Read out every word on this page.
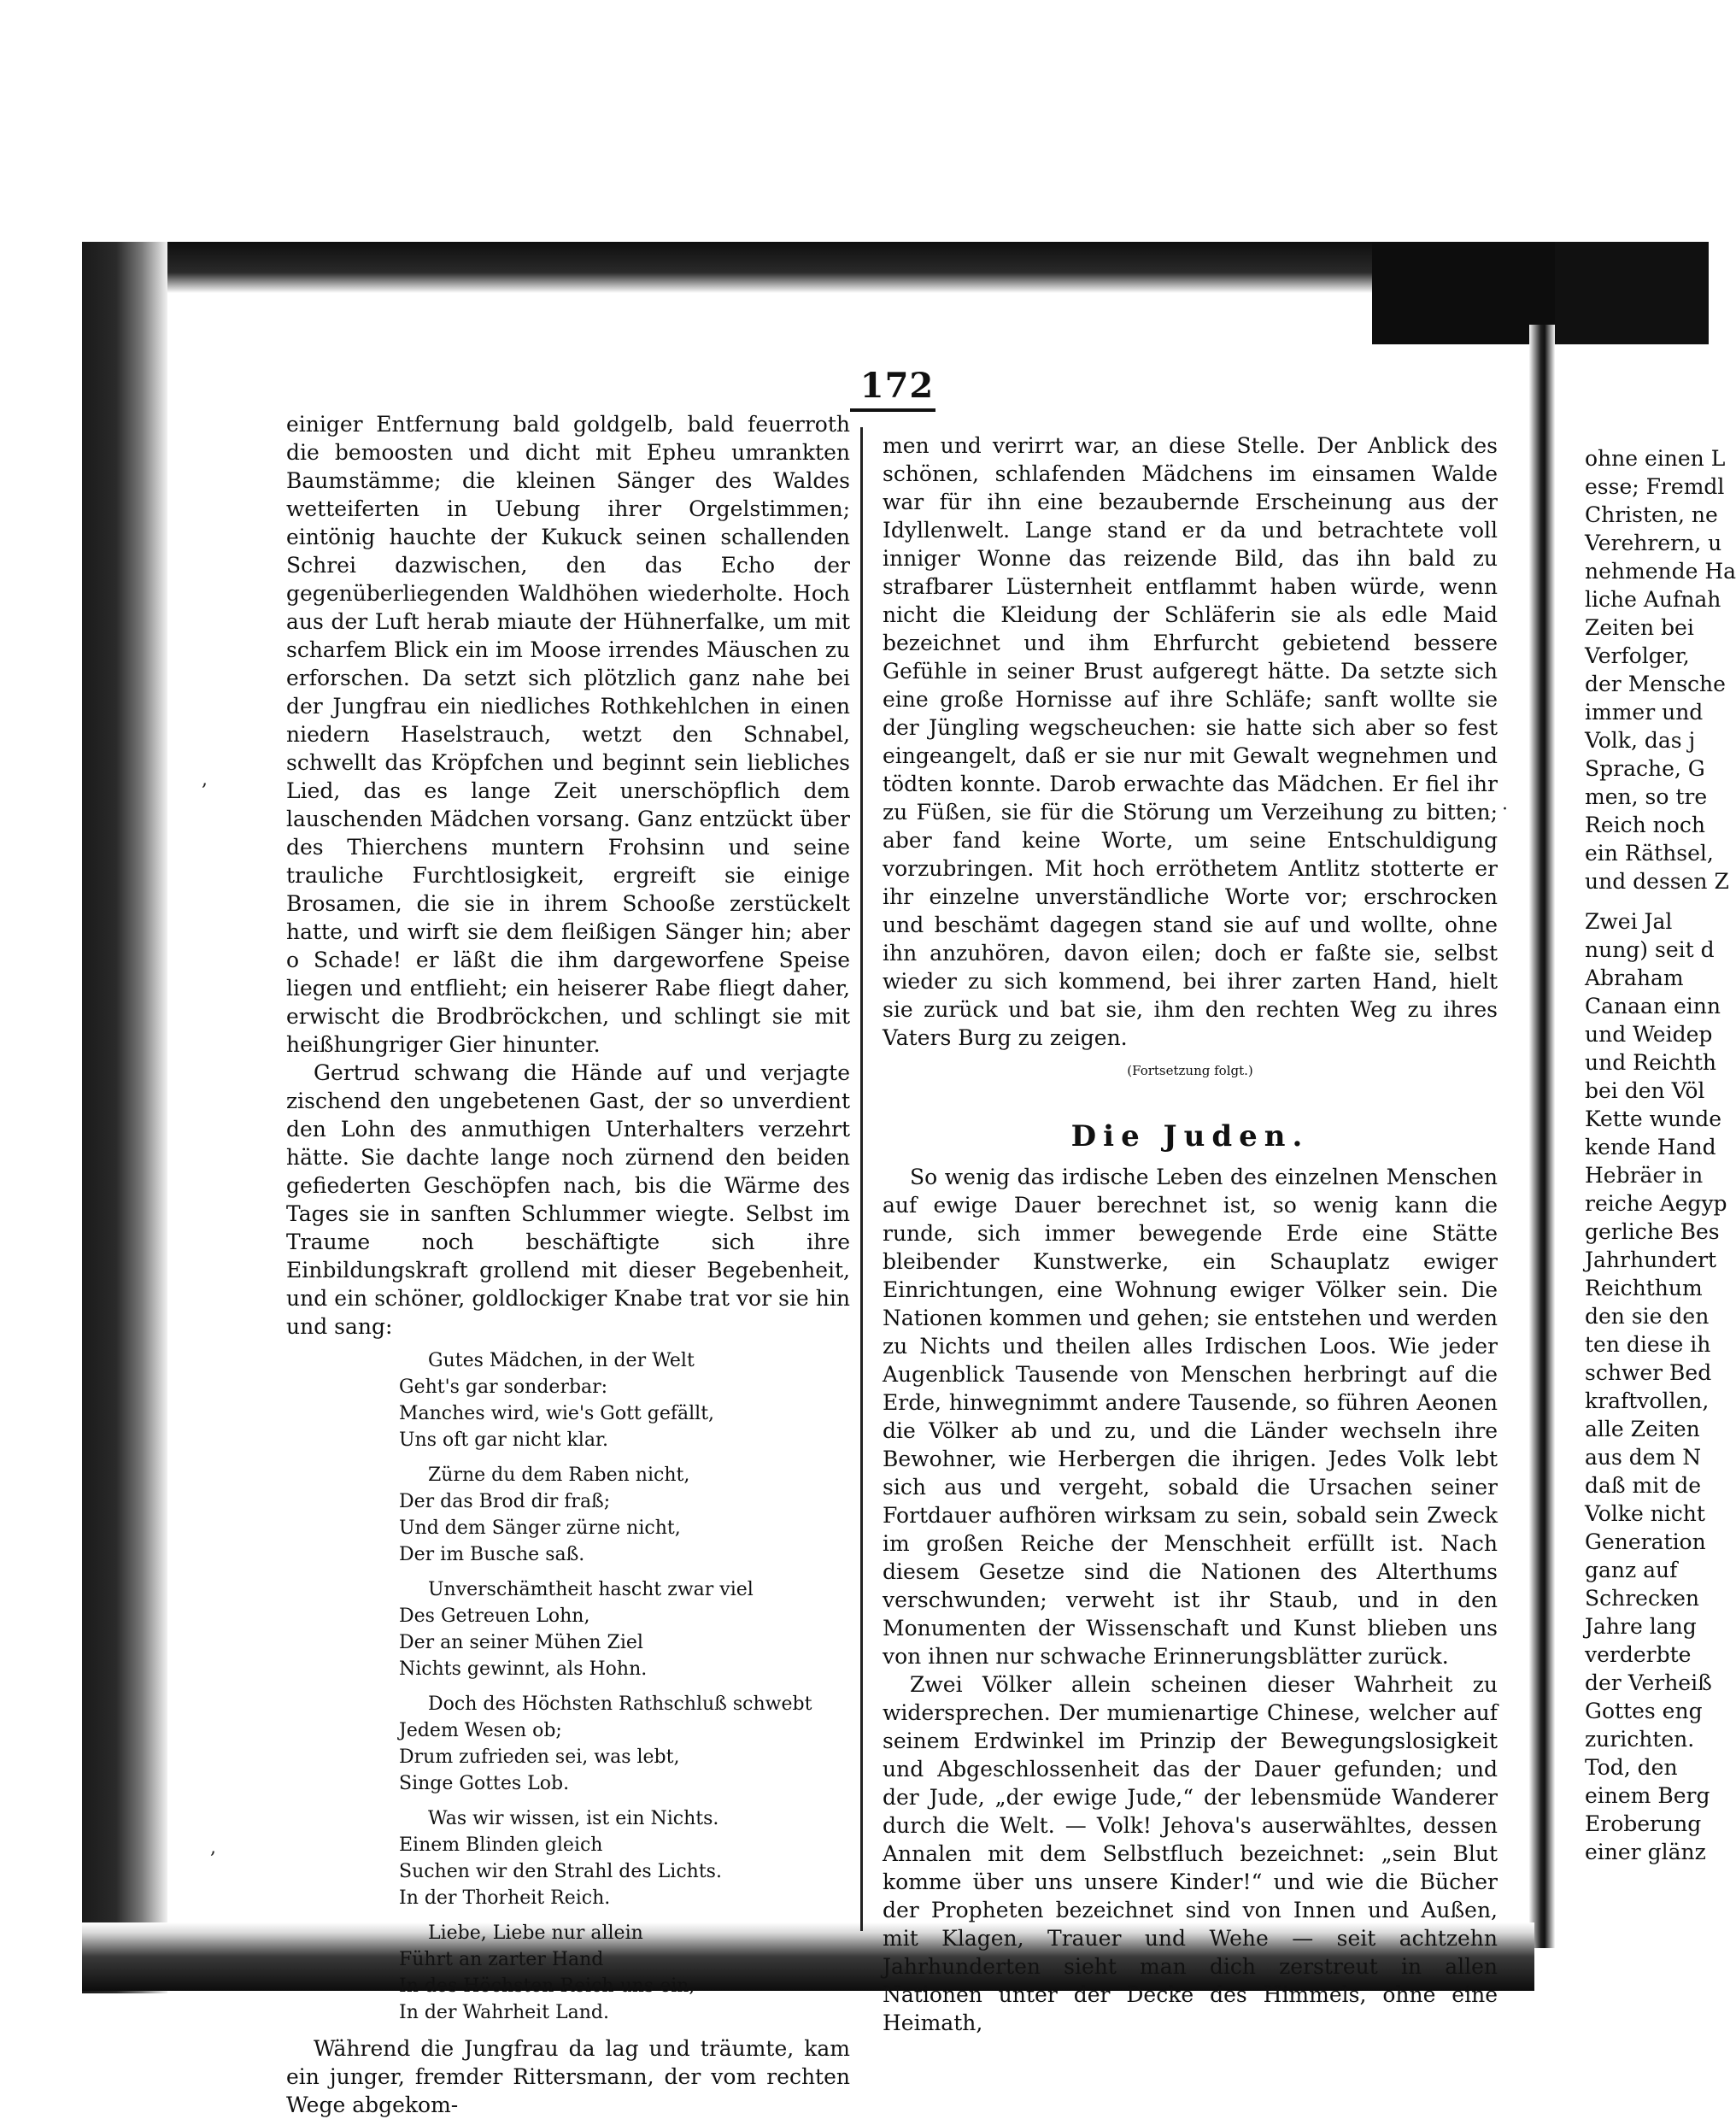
172

einiger Entfernung bald goldgelb, bald feuerroth die bemoosten und dicht mit Epheu umrankten Baumstämme; die kleinen Sänger des Waldes wetteiferten in Uebung ihrer Orgelstimmen; eintönig hauchte der Kukuck seinen schallenden Schrei dazwischen, den das Echo der gegenüberliegenden Waldhöhen wiederholte. Hoch aus der Luft herab miaute der Hühnerfalke, um mit scharfem Blick ein im Moose irrendes Mäuschen zu erforschen. Da setzt sich plötzlich ganz nahe bei der Jungfrau ein niedliches Rothkehlchen in einen niedern Haselstrauch, wetzt den Schnabel, schwellt das Kröpfchen und beginnt sein liebliches Lied, das es lange Zeit unerschöpflich dem lauschenden Mädchen vorsang. Ganz entzückt über des Thierchens muntern Frohsinn und seine trauliche Furchtlosigkeit, ergreift sie einige Brosamen, die sie in ihrem Schooße zerstückelt hatte, und wirft sie dem fleißigen Sänger hin; aber o Schade! er läßt die ihm dargeworfene Speise liegen und entflieht; ein heiserer Rabe fliegt daher, erwischt die Brodbröckchen, und schlingt sie mit heißhungriger Gier hinunter.

Gertrud schwang die Hände auf und verjagte zischend den ungebetenen Gast, der so unverdient den Lohn des anmuthigen Unterhalters verzehrt hätte. Sie dachte lange noch zürnend den beiden gefiederten Geschöpfen nach, bis die Wärme des Tages sie in sanften Schlummer wiegte. Selbst im Traume noch beschäftigte sich ihre Einbildungskraft grollend mit dieser Begebenheit, und ein schöner, goldlockiger Knabe trat vor sie hin und sang:

Gutes Mädchen, in der Welt
Geht's gar sonderbar:
Manches wird, wie's Gott gefällt,
Uns oft gar nicht klar.
Zürne du dem Raben nicht,
Der das Brod dir fraß;
Und dem Sänger zürne nicht,
Der im Busche saß.
Unverschämtheit hascht zwar viel
Des Getreuen Lohn,
Der an seiner Mühen Ziel
Nichts gewinnt, als Hohn.
Doch des Höchsten Rathschluß schwebt
Jedem Wesen ob;
Drum zufrieden sei, was lebt,
Singe Gottes Lob.
Was wir wissen, ist ein Nichts.
Einem Blinden gleich
Suchen wir den Strahl des Lichts.
In der Thorheit Reich.
Liebe, Liebe nur allein
Führt an zarter Hand
In des Höchsten Reich uns ein,
In der Wahrheit Land.

Während die Jungfrau da lag und träumte, kam ein junger, fremder Rittersmann, der vom rechten Wege abgekom-

men und verirrt war, an diese Stelle. Der Anblick des schönen, schlafenden Mädchens im einsamen Walde war für ihn eine bezaubernde Erscheinung aus der Idyllenwelt. Lange stand er da und betrachtete voll inniger Wonne das reizende Bild, das ihn bald zu strafbarer Lüsternheit entflammt haben würde, wenn nicht die Kleidung der Schläferin sie als edle Maid bezeichnet und ihm Ehrfurcht gebietend bessere Gefühle in seiner Brust aufgeregt hätte. Da setzte sich eine große Hornisse auf ihre Schläfe; sanft wollte sie der Jüngling wegscheuchen: sie hatte sich aber so fest eingeangelt, daß er sie nur mit Gewalt wegnehmen und tödten konnte. Darob erwachte das Mädchen. Er fiel ihr zu Füßen, sie für die Störung um Verzeihung zu bitten; aber fand keine Worte, um seine Entschuldigung vorzubringen. Mit hoch erröthetem Antlitz stotterte er ihr einzelne unverständliche Worte vor; erschrocken und beschämt dagegen stand sie auf und wollte, ohne ihn anzuhören, davon eilen; doch er faßte sie, selbst wieder zu sich kommend, bei ihrer zarten Hand, hielt sie zurück und bat sie, ihm den rechten Weg zu ihres Vaters Burg zu zeigen.

(Fortsetzung folgt.)
Die Juden.

So wenig das irdische Leben des einzelnen Menschen auf ewige Dauer berechnet ist, so wenig kann die runde, sich immer bewegende Erde eine Stätte bleibender Kunstwerke, ein Schauplatz ewiger Einrichtungen, eine Wohnung ewiger Völker sein. Die Nationen kommen und gehen; sie entstehen und werden zu Nichts und theilen alles Irdischen Loos. Wie jeder Augenblick Tausende von Menschen herbringt auf die Erde, hinwegnimmt andere Tausende, so führen Aeonen die Völker ab und zu, und die Länder wechseln ihre Bewohner, wie Herbergen die ihrigen. Jedes Volk lebt sich aus und vergeht, sobald die Ursachen seiner Fortdauer aufhören wirksam zu sein, sobald sein Zweck im großen Reiche der Menschheit erfüllt ist. Nach diesem Gesetze sind die Nationen des Alterthums verschwunden; verweht ist ihr Staub, und in den Monumenten der Wissenschaft und Kunst blieben uns von ihnen nur schwache Erinnerungsblätter zurück.

Zwei Völker allein scheinen dieser Wahrheit zu widersprechen. Der mumienartige Chinese, welcher auf seinem Erdwinkel im Prinzip der Bewegungslosigkeit und Abgeschlossenheit das der Dauer gefunden; und der Jude, „der ewige Jude,“ der lebensmüde Wanderer durch die Welt. — Volk! Jehova's auserwähltes, dessen Annalen mit dem Selbstfluch bezeichnet: „sein Blut komme über uns unsere Kinder!“ und wie die Bücher der Propheten bezeichnet sind von Innen und Außen, mit Klagen, Trauer und Wehe — seit achtzehn Jahrhunderten sieht man dich zerstreut in allen Nationen unter der Decke des Himmels, ohne eine Heimath,

ohne einen L
esse; Fremdl
Christen, ne
Verehrern, u
nehmende Ha
liche Aufnah
Zeiten bei
Verfolger,
der Mensche
immer und
Volk, das j
Sprache, G
men, so tre
Reich noch
ein Räthsel,
und dessen Z
Zwei Jal
nung) seit d
Abraham
Canaan einn
und Weidep
und Reichth
bei den Völ
Kette wunde
kende Hand
Hebräer in
reiche Aegyp
gerliche Bes
Jahrhundert
Reichthum
den sie den
ten diese ih
schwer Bed
kraftvollen,
alle Zeiten
aus dem N
daß mit de
Volke nicht
Generation
ganz auf
Schrecken
Jahre lang
verderbte
der Verheiß
Gottes eng
zurichten.
Tod, den
einem Berg
Eroberung
einer glänz
,
·
,
